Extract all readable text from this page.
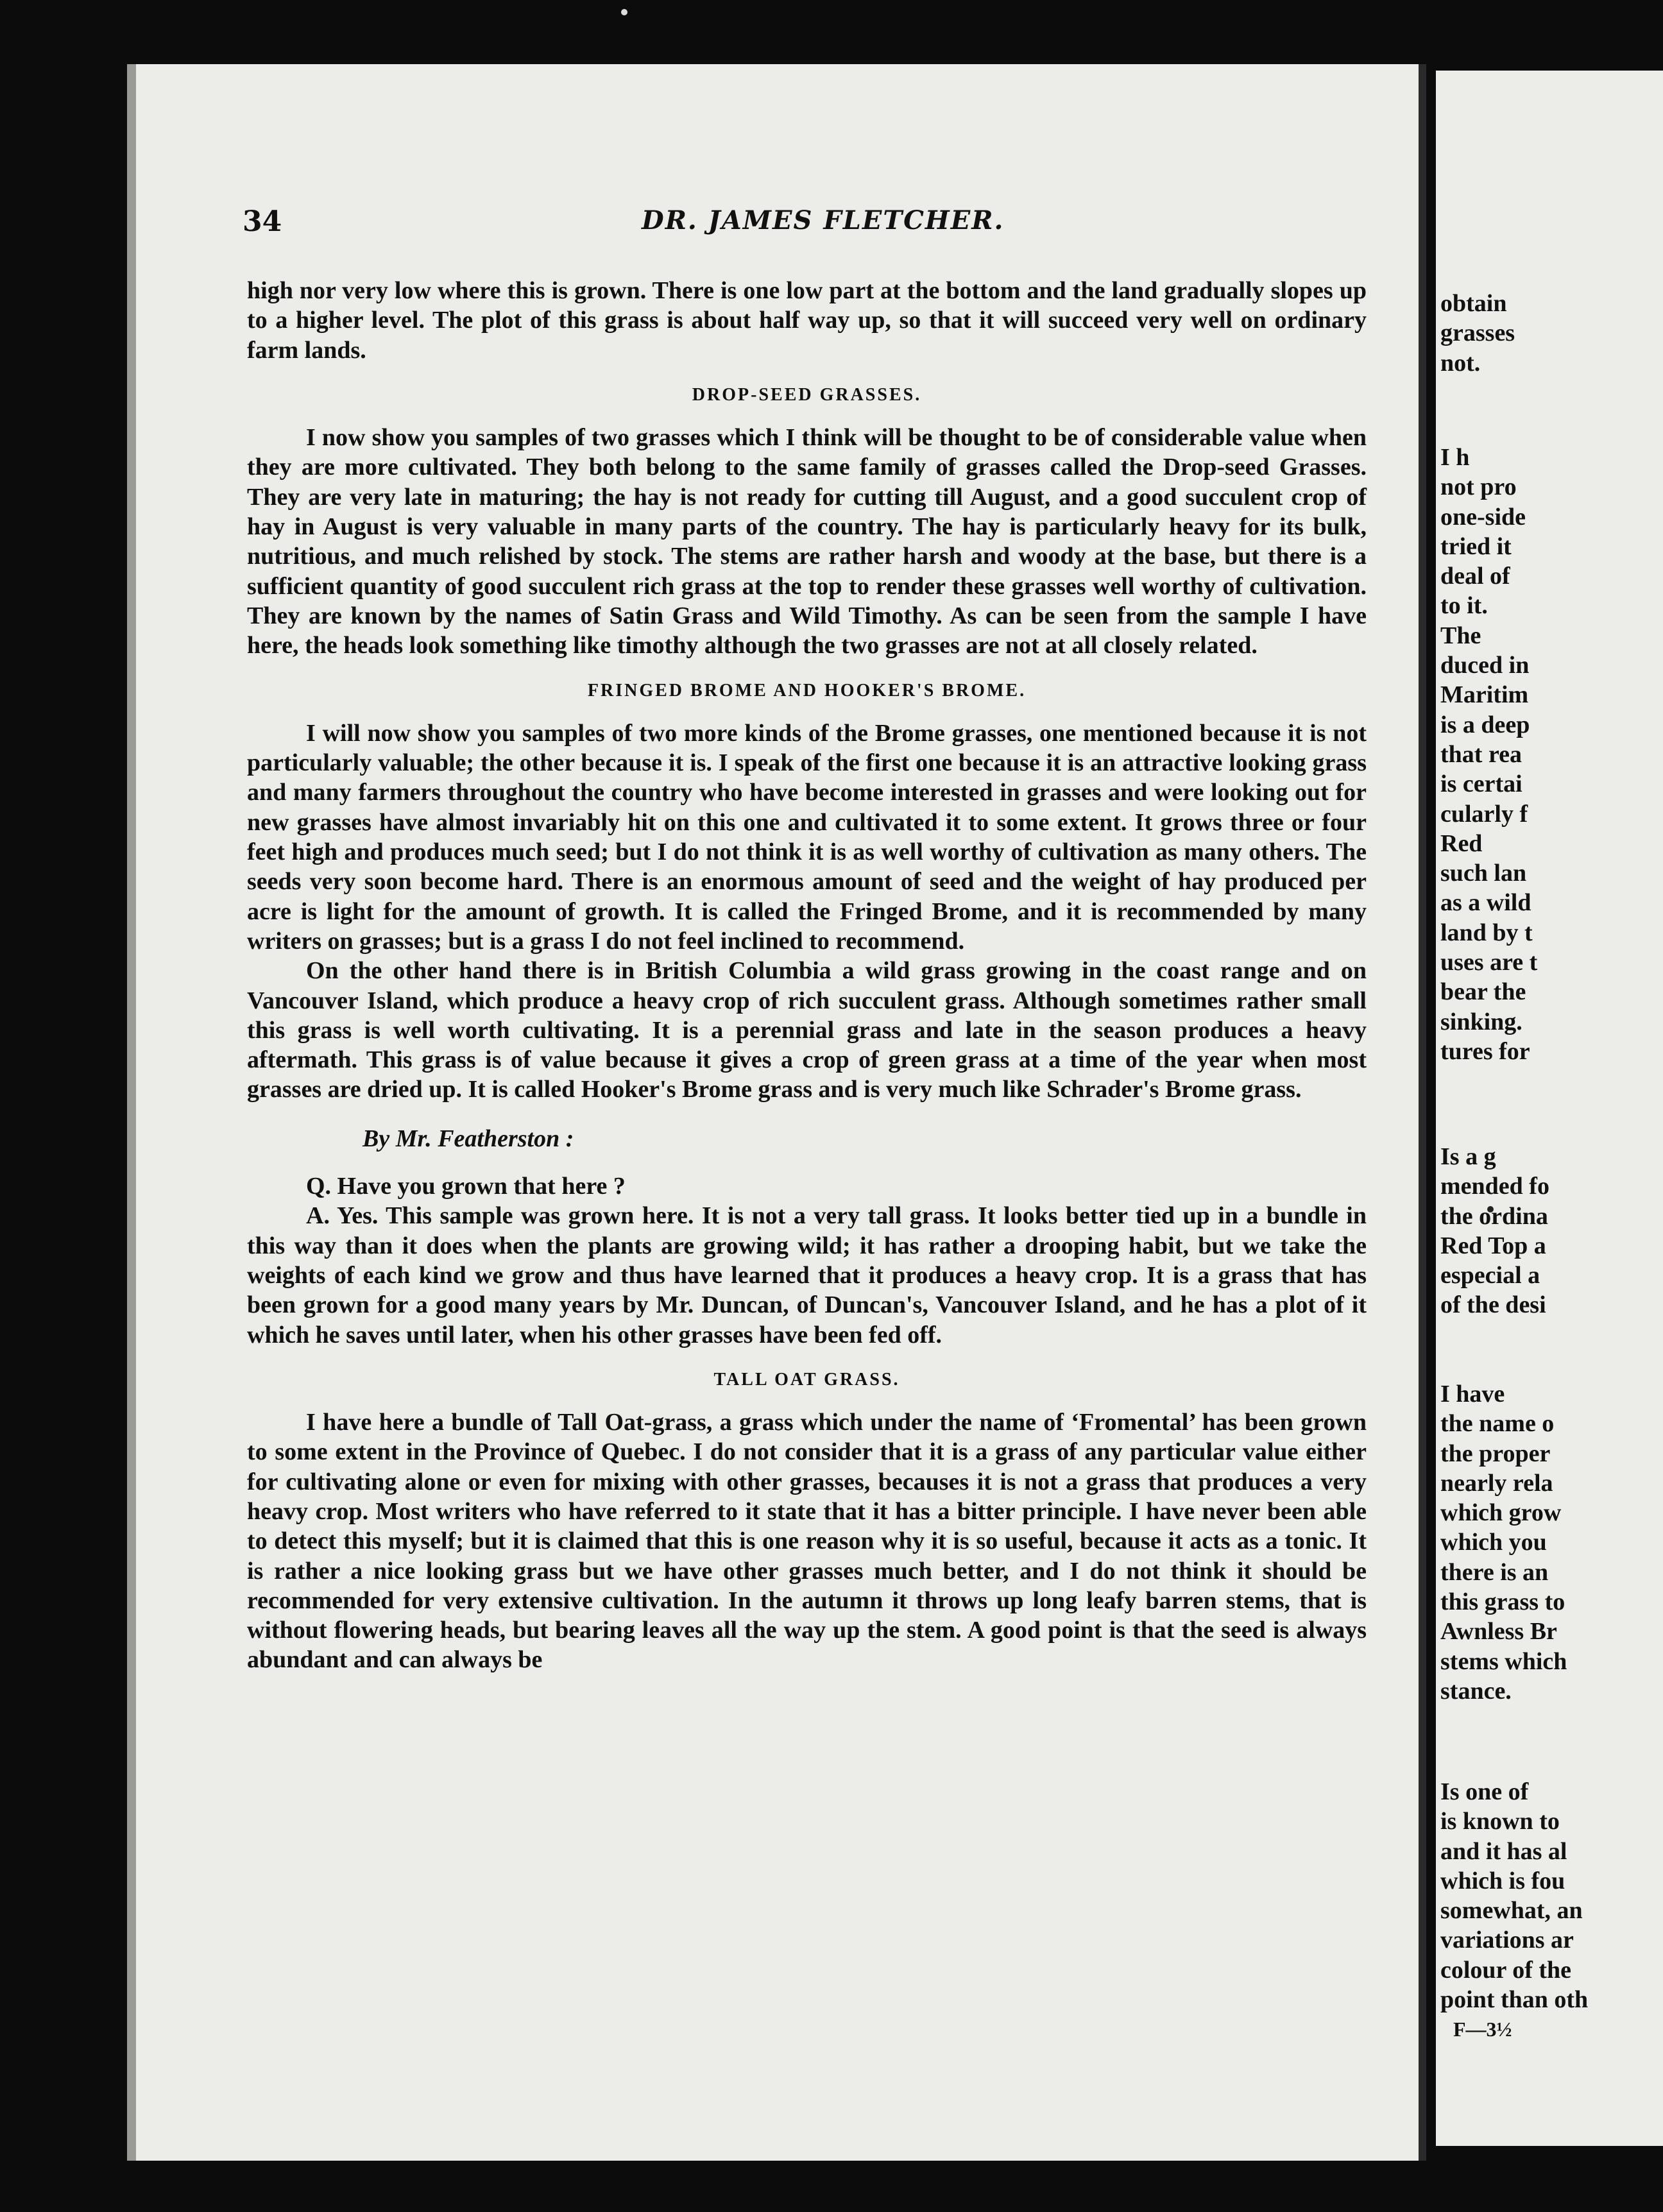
34	DR. JAMES FLETCHER.

high nor very low where this is grown. There is one low part at the bottom and the land gradually slopes up to a higher level. The plot of this grass is about half way up, so that it will succeed very well on ordinary farm lands.

DROP-SEED GRASSES.

I now show you samples of two grasses which I think will be thought to be of considerable value when they are more cultivated. They both belong to the same family of grasses called the Drop-seed Grasses. They are very late in maturing; the hay is not ready for cutting till August, and a good succulent crop of hay in August is very valuable in many parts of the country. The hay is particularly heavy for its bulk, nutritious, and much relished by stock. The stems are rather harsh and woody at the base, but there is a sufficient quantity of good succulent rich grass at the top to render these grasses well worthy of cultivation. They are known by the names of Satin Grass and Wild Timothy. As can be seen from the sample I have here, the heads look something like timothy although the two grasses are not at all closely related.

FRINGED BROME AND HOOKER'S BROME.

I will now show you samples of two more kinds of the Brome grasses, one mentioned because it is not particularly valuable; the other because it is. I speak of the first one because it is an attractive looking grass and many farmers throughout the country who have become interested in grasses and were looking out for new grasses have almost invariably hit on this one and cultivated it to some extent. It grows three or four feet high and produces much seed; but I do not think it is as well worthy of cultivation as many others. The seeds very soon become hard. There is an enormous amount of seed and the weight of hay produced per acre is light for the amount of growth. It is called the Fringed Brome, and it is recommended by many writers on grasses; but is a grass I do not feel inclined to recommend.

On the other hand there is in British Columbia a wild grass growing in the coast range and on Vancouver Island, which produce a heavy crop of rich succulent grass. Although sometimes rather small this grass is well worth cultivating. It is a perennial grass and late in the season produces a heavy aftermath. This grass is of value because it gives a crop of green grass at a time of the year when most grasses are dried up. It is called Hooker's Brome grass and is very much like Schrader's Brome grass.

By Mr. Featherston :

Q. Have you grown that here ?

A. Yes. This sample was grown here. It is not a very tall grass. It looks better tied up in a bundle in this way than it does when the plants are growing wild; it has rather a drooping habit, but we take the weights of each kind we grow and thus have learned that it produces a heavy crop. It is a grass that has been grown for a good many years by Mr. Duncan, of Duncan's, Vancouver Island, and he has a plot of it which he saves until later, when his other grasses have been fed off.

TALL OAT GRASS.

I have here a bundle of Tall Oat-grass, a grass which under the name of ‘Fromental’ has been grown to some extent in the Province of Quebec. I do not consider that it is a grass of any particular value either for cultivating alone or even for mixing with other grasses, becauses it is not a grass that produces a very heavy crop. Most writers who have referred to it state that it has a bitter principle. I have never been able to detect this myself; but it is claimed that this is one reason why it is so useful, because it acts as a tonic. It is rather a nice looking grass but we have other grasses much better, and I do not think it should be recommended for very extensive cultivation. In the autumn it throws up long leafy barren stems, that is without flowering heads, but bearing leaves all the way up the stem. A good point is that the seed is always abundant and can always be

obtain
grasses
not.
I h
not pro
one-side
tried it
deal of
to it.
The
duced in
Maritim
is a deep
that rea
is certai
cularly f
Red
such lan
as a wild
land by t
uses are t
bear the
sinking.
tures for
Is a g
mended fo
the ordina
Red Top a
especial a
of the desi
I have
the name o
the proper
nearly rela
which grow
which you
there is an
this grass to
Awnless Br
stems which
stance.
Is one of
is known to
and it has al
which is fou
somewhat, an
variations ar
colour of the
point than oth
F—3½
